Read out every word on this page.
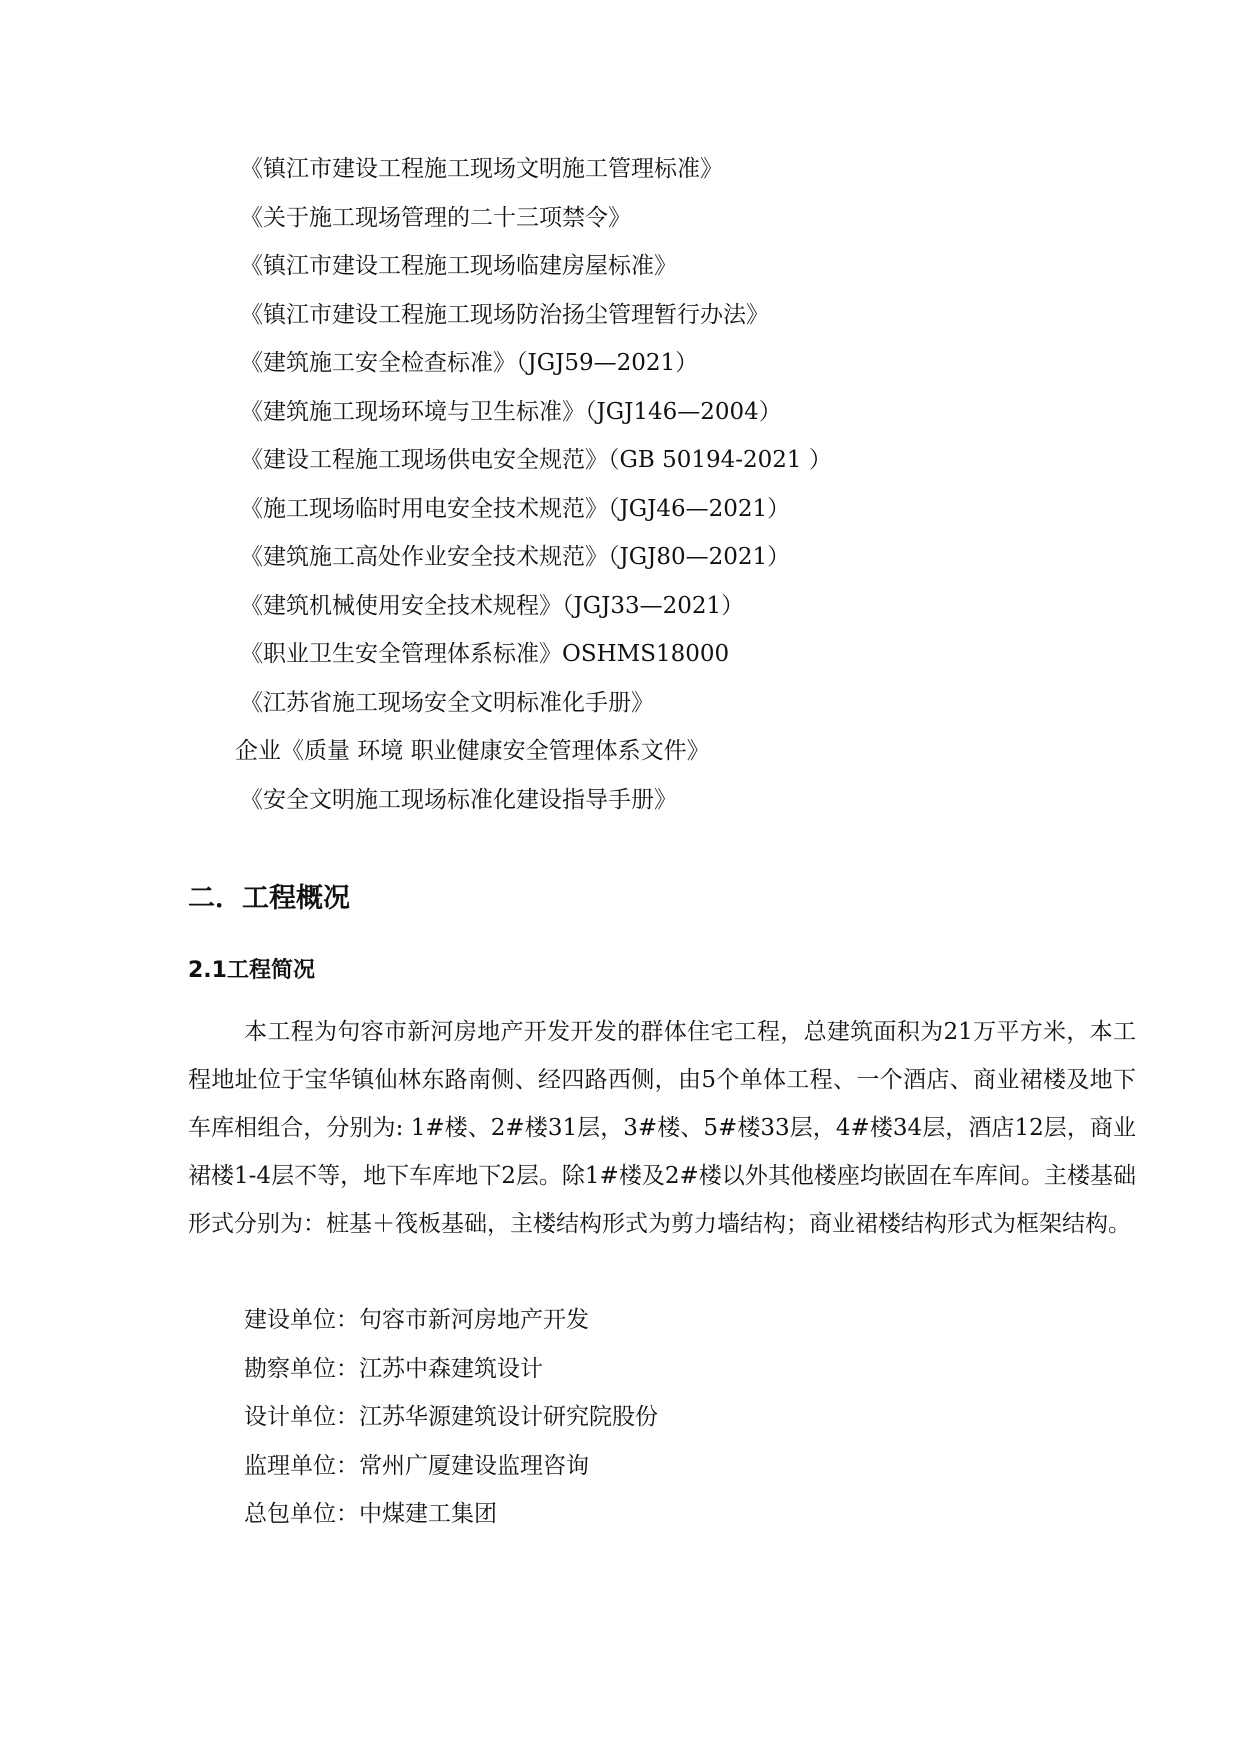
《镇江市建设工程施工现场文明施工管理标准》
《关于施工现场管理的二十三项禁令》
《镇江市建设工程施工现场临建房屋标准》
《镇江市建设工程施工现场防治扬尘管理暂行办法》
《建筑施工安全检查标准》（JGJ59—2021）
《建筑施工现场环境与卫生标准》（JGJ146—2004）
《建设工程施工现场供电安全规范》（GB 50194-2021 ）
《施工现场临时用电安全技术规范》（JGJ46—2021）
《建筑施工高处作业安全技术规范》（JGJ80—2021）
《建筑机械使用安全技术规程》（JGJ33—2021）
《职业卫生安全管理体系标准》OSHMS18000
《江苏省施工现场安全文明标准化手册》
企业《质量 环境 职业健康安全管理体系文件》
《安全文明施工现场标准化建设指导手册》
二．工程概况
2.1工程简况

本工程为句容市新河房地产开发开发的群体住宅工程，总建筑面积为21万平方米，本工程地址位于宝华镇仙林东路南侧、经四路西侧，由5个单体工程、一个酒店、商业裙楼及地下车库相组合，分别为: 1#楼、2#楼31层，3#楼、5#楼33层，4#楼34层，酒店12层，商业裙楼1-4层不等，地下车库地下2层。除1#楼及2#楼以外其他楼座均嵌固在车库间。主楼基础形式分别为：桩基＋筏板基础，主楼结构形式为剪力墙结构；商业裙楼结构形式为框架结构。

建设单位：句容市新河房地产开发
勘察单位：江苏中森建筑设计
设计单位：江苏华源建筑设计研究院股份
监理单位：常州广厦建设监理咨询
总包单位：中煤建工集团
